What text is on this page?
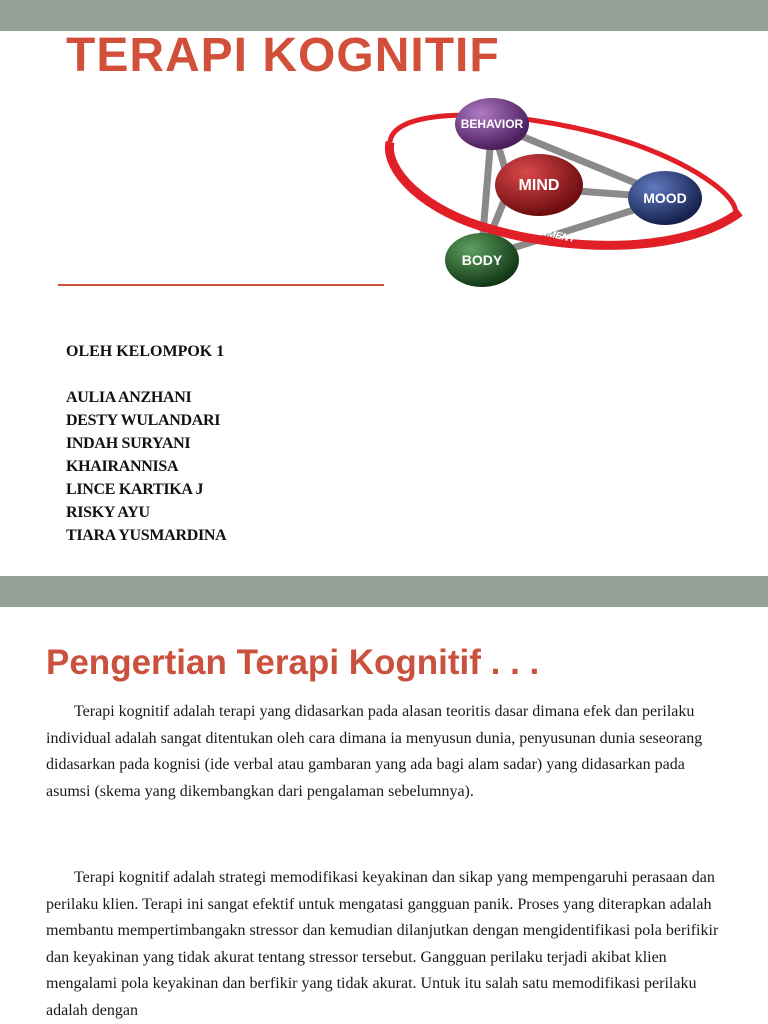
TERAPI KOGNITIF
ENVIRONMENT
BEHAVIOR
MIND
MOOD
BODY
OLEH KELOMPOK 1
AULIA ANZHANI
DESTY WULANDARI
INDAH SURYANI
KHAIRANNISA
LINCE KARTIKA J
RISKY AYU
TIARA YUSMARDINA
Pengertian Terapi Kognitif . . .

Terapi kognitif adalah terapi yang didasarkan pada alasan teoritis dasar dimana efek dan perilaku individual adalah sangat ditentukan oleh cara dimana ia menyusun dunia, penyusunan dunia seseorang didasarkan pada kognisi (ide verbal atau gambaran yang ada bagi alam sadar) yang didasarkan pada asumsi (skema yang dikembangkan dari pengalaman sebelumnya).

Terapi kognitif adalah strategi memodifikasi keyakinan dan sikap yang mempengaruhi perasaan dan perilaku klien. Terapi ini sangat efektif untuk mengatasi gangguan panik. Proses yang diterapkan adalah membantu mempertimbangakn stressor dan kemudian dilanjutkan dengan mengidentifikasi pola berifikir dan keyakinan yang tidak akurat tentang stressor tersebut. Gangguan perilaku terjadi akibat klien mengalami pola keyakinan dan berfikir yang tidak akurat. Untuk itu salah satu memodifikasi perilaku adalah dengan
